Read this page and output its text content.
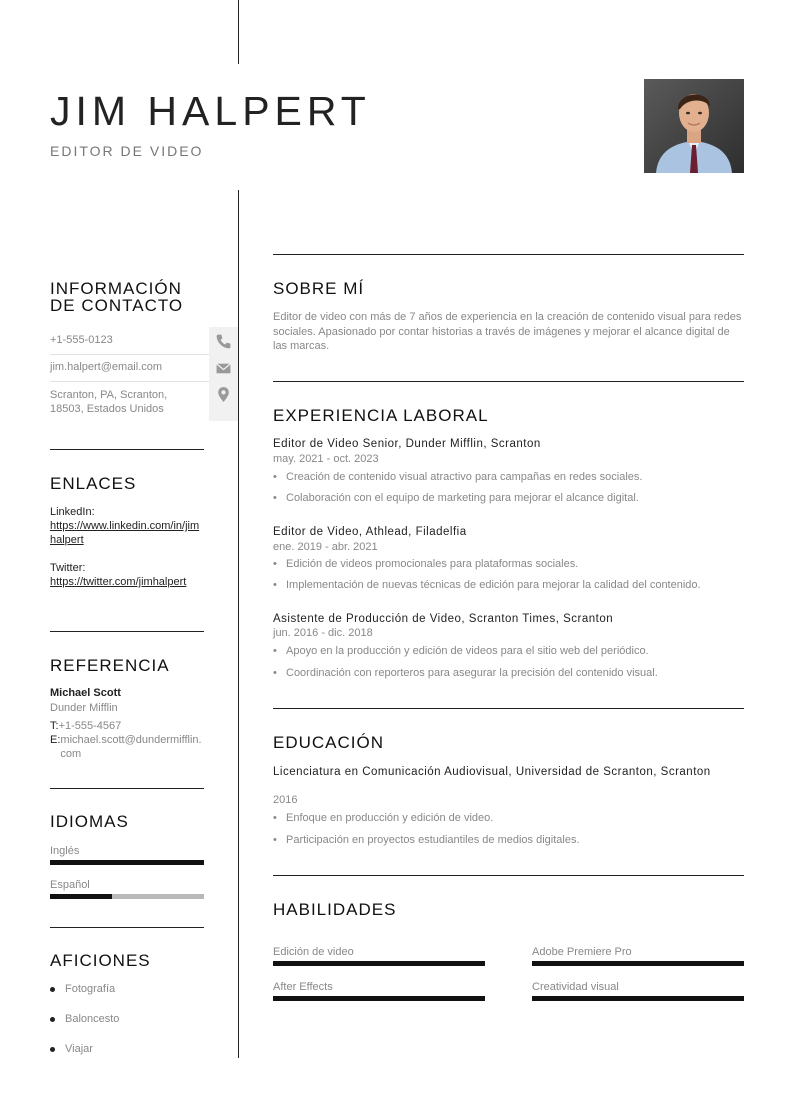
JIM HALPERT
EDITOR DE VIDEO
INFORMACIÓN
DE CONTACTO
+1-555-0123
jim.halpert@email.com
Scranton, PA, Scranton,
18503, Estados Unidos
ENLACES
LinkedIn:
https://www.linkedin.com/in/jimhalpert
Twitter:
https://twitter.com/jimhalpert
REFERENCIA
Michael Scott
Dunder Mifflin
T:+1-555-4567
E:michael.scott@dundermifflin.com
IDIOMAS
Inglés
Español
AFICIONES
Fotografía
Baloncesto
Viajar
SOBRE MÍ
Editor de video con más de 7 años de experiencia en la creación de contenido visual para redes sociales. Apasionado por contar historias a través de imágenes y mejorar el alcance digital de las marcas.
EXPERIENCIA LABORAL
Editor de Video Senior, Dunder Mifflin, Scranton
may. 2021 - oct. 2023
• Creación de contenido visual atractivo para campañas en redes sociales.
• Colaboración con el equipo de marketing para mejorar el alcance digital.
Editor de Video, Athlead, Filadelfia
ene. 2019 - abr. 2021
• Edición de videos promocionales para plataformas sociales.
• Implementación de nuevas técnicas de edición para mejorar la calidad del contenido.
Asistente de Producción de Video, Scranton Times, Scranton
jun. 2016 - dic. 2018
• Apoyo en la producción y edición de videos para el sitio web del periódico.
• Coordinación con reporteros para asegurar la precisión del contenido visual.
EDUCACIÓN
Licenciatura en Comunicación Audiovisual, Universidad de Scranton, Scranton
2016
• Enfoque en producción y edición de video.
• Participación en proyectos estudiantiles de medios digitales.
HABILIDADES
Edición de video	Adobe Premiere Pro
After Effects	Creatividad visual
